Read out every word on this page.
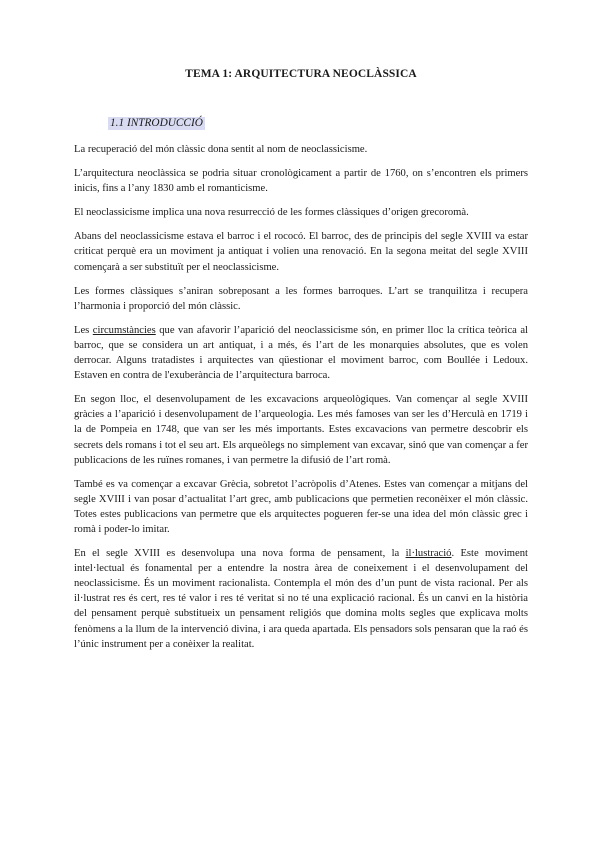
TEMA 1: ARQUITECTURA NEOCLÀSSICA
1.1 INTRODUCCIÓ

La recuperació del món clàssic dona sentit al nom de neoclassicisme.

L’arquitectura neoclàssica se podria situar cronològicament a partir de 1760, on s’encontren els primers inicis, fins a l’any 1830 amb el romanticisme.

El neoclassicisme implica una nova resurrecció de les formes clàssiques d’origen grecoromà.

Abans del neoclassicisme estava el barroc i el rococó. El barroc, des de principis del segle XVIII va estar criticat perquè era un moviment ja antiquat i volien una renovació. En la segona meitat del segle XVIII començarà a ser substituït per el neoclassicisme.

Les formes clàssiques s’aniran sobreposant a les formes barroques. L’art se tranquilitza i recupera l’harmonia i proporció del món clàssic.

Les circumstàncies que van afavorir l’aparició del neoclassicisme són, en primer lloc la crítica teòrica al barroc, que se considera un art antiquat, i a més, és l’art de les monarquies absolutes, que es volen derrocar. Alguns tratadistes i arquitectes van qüestionar el moviment barroc, com Boullée i Ledoux. Estaven en contra de l'exuberància de l’arquitectura barroca.

En segon lloc, el desenvolupament de les excavacions arqueològiques. Van començar al segle XVIII gràcies a l’aparició i desenvolupament de l’arqueologia. Les més famoses van ser les d’Herculà en 1719 i la de Pompeia en 1748, que van ser les més importants. Estes excavacions van permetre descobrir els secrets dels romans i tot el seu art. Els arqueòlegs no simplement van excavar, sinó que van començar a fer publicacions de les ruïnes romanes, i van permetre la difusió de l’art romà.

També es va començar a excavar Grècia, sobretot l’acròpolis d’Atenes. Estes van començar a mitjans del segle XVIII i van posar d’actualitat l’art grec, amb publicacions que permetien reconèixer el món clàssic. Totes estes publicacions van permetre que els arquitectes pogueren fer-se una idea del món clàssic grec i romà i poder-lo imitar.

En el segle XVIII es desenvolupa una nova forma de pensament, la il·lustració. Este moviment intel·lectual és fonamental per a entendre la nostra àrea de coneixement i el desenvolupament del neoclassicisme. És un moviment racionalista. Contempla el món des d’un punt de vista racional. Per als il·lustrat res és cert, res té valor i res té veritat si no té una explicació racional. És un canvi en la història del pensament perquè substitueix un pensament religiós que domina molts segles que explicava molts fenòmens a la llum de la intervenció divina, i ara queda apartada. Els pensadors sols pensaran que la raó és l’únic instrument per a conèixer la realitat.
